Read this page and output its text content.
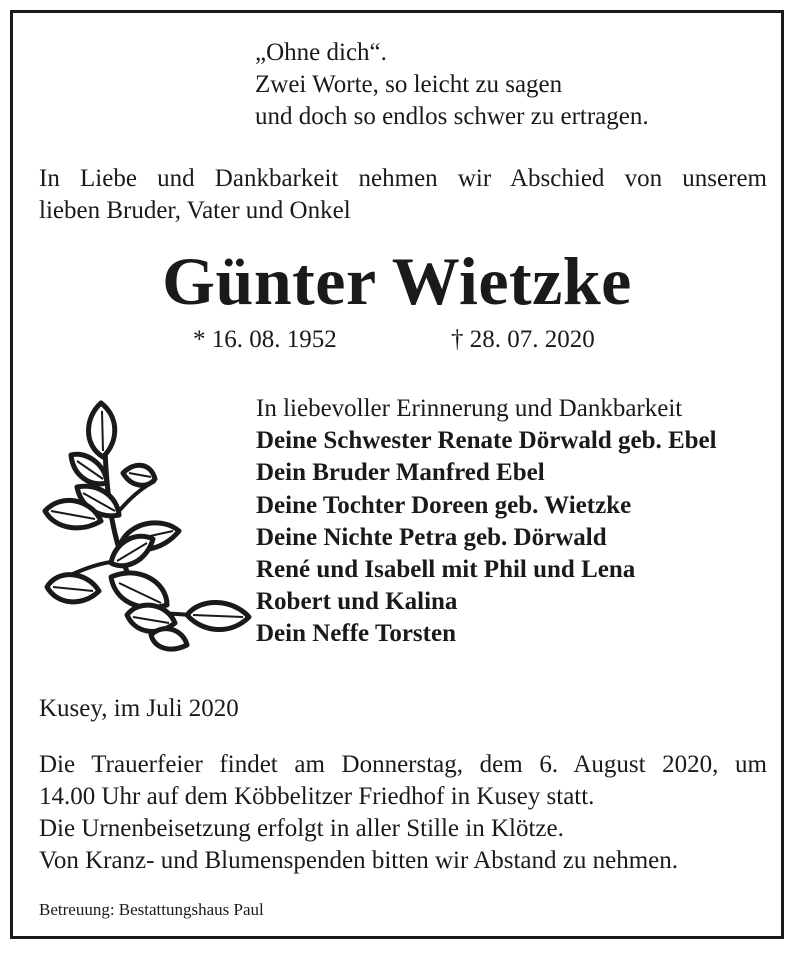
„Ohne dich“.
Zwei Worte, so leicht zu sagen
und doch so endlos schwer zu ertragen.
In Liebe und Dankbarkeit nehmen wir Abschied von unserem
lieben Bruder, Vater und Onkel
Günter Wietzke
* 16. 08. 1952	† 28. 07. 2020
In liebevoller Erinnerung und Dankbarkeit
Deine Schwester Renate Dörwald geb. Ebel
Dein Bruder Manfred Ebel
Deine Tochter Doreen geb. Wietzke
Deine Nichte Petra geb. Dörwald
René und Isabell mit Phil und Lena
Robert und Kalina
Dein Neffe Torsten
Kusey, im Juli 2020
Die Trauerfeier findet am Donnerstag, dem 6. August 2020, um
14.00 Uhr auf dem Köbbelitzer Friedhof in Kusey statt.
Die Urnenbeisetzung erfolgt in aller Stille in Klötze.
Von Kranz- und Blumenspenden bitten wir Abstand zu nehmen.
Betreuung: Bestattungshaus Paul
